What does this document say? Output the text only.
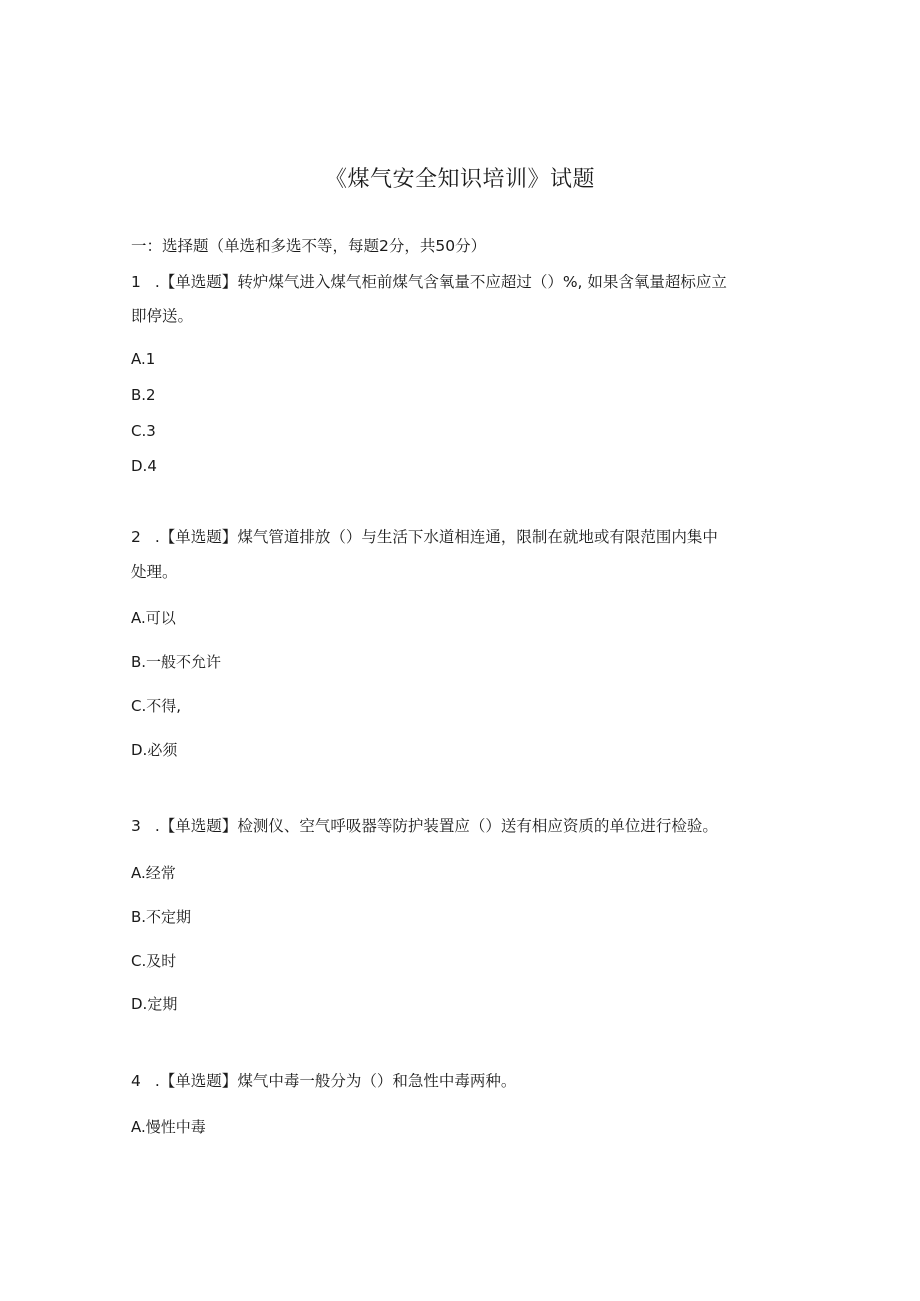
《煤气安全知识培训》试题
一：选择题（单选和多选不等，每题2分，共50分）
1 .【单选题】转炉煤气进入煤气柜前煤气含氧量不应超过（）%, 如果含氧量超标应立
即停送。
A.1
B.2
C.3
D.4
2 .【单选题】煤气管道排放（）与生活下水道相连通，限制在就地或有限范围内集中
处理。
A.可以
B.一般不允许
C.不得,
D.必须
3 .【单选题】检测仪、空气呼吸器等防护装置应（）送有相应资质的单位进行检验。
A.经常
B.不定期
C.及时
D.定期
4 .【单选题】煤气中毒一般分为（）和急性中毒两种。
A.慢性中毒
